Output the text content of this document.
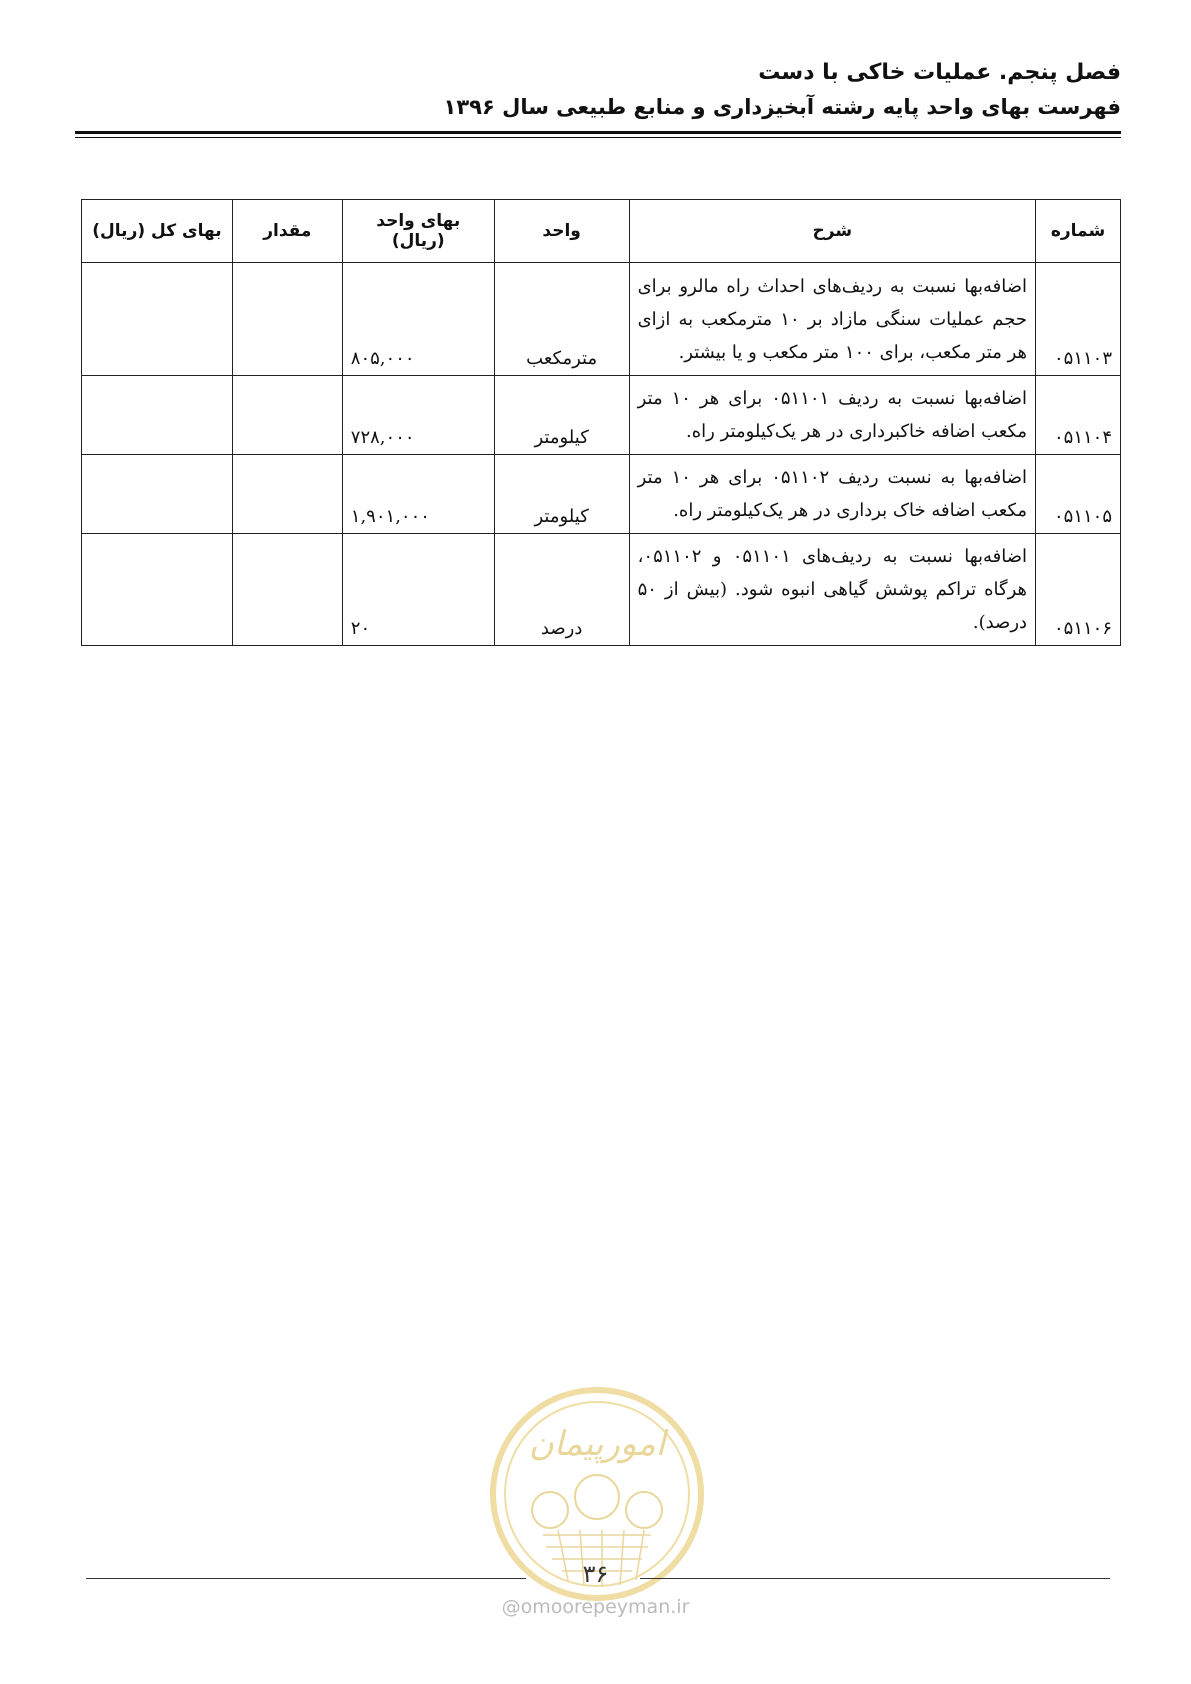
فصل پنجم. عملیات خاکی با دست
فهرست بهای واحد پایه رشته آبخیزداری و منابع طبیعی سال ۱۳۹۶
شماره	شرح	واحد	بهای واحد (ریال)	مقدار	بهای کل (ریال)
۰۵۱۱۰۳	اضافه‌بها نسبت به ردیف‌های احداث راه مالرو برای حجم عملیات سنگی مازاد بر ۱۰ مترمکعب به ازای هر متر مکعب، برای ۱۰۰ متر مکعب و یا بیشتر.	مترمکعب	۸۰۵,۰۰۰		
۰۵۱۱۰۴	اضافه‌بها نسبت به ردیف ۰۵۱۱۰۱ برای هر ۱۰ متر مکعب اضافه خاکبرداری در هر یک‌کیلومتر راه.	کیلومتر	۷۲۸,۰۰۰		
۰۵۱۱۰۵	اضافه‌بها به نسبت ردیف ۰۵۱۱۰۲ برای هر ۱۰ متر مکعب اضافه خاک برداری در هر یک‌کیلومتر راه.	کیلومتر	۱,۹۰۱,۰۰۰		
۰۵۱۱۰۶	اضافه‌بها نسبت به ردیف‌های ۰۵۱۱۰۱ و ۰۵۱۱۰۲، هرگاه تراکم پوشش گیاهی انبوه شود. (بیش از ۵۰ درصد).	درصد	۲۰		
امورپیمان
۳۶
@omoorepeyman.ir
